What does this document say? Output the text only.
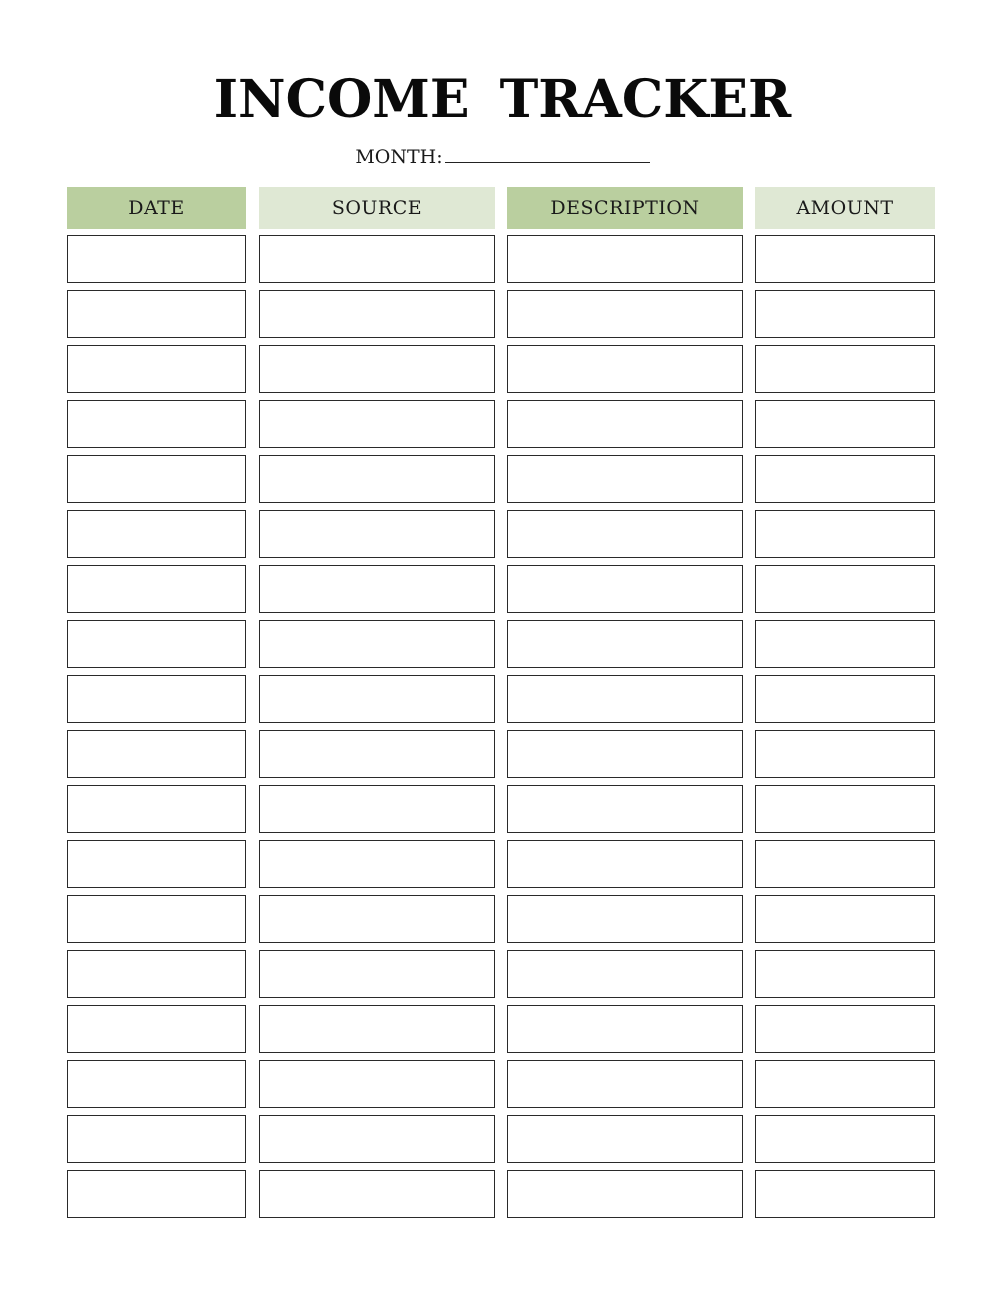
INCOME TRACKER
MONTH:
DATE	SOURCE	DESCRIPTION	AMOUNT
